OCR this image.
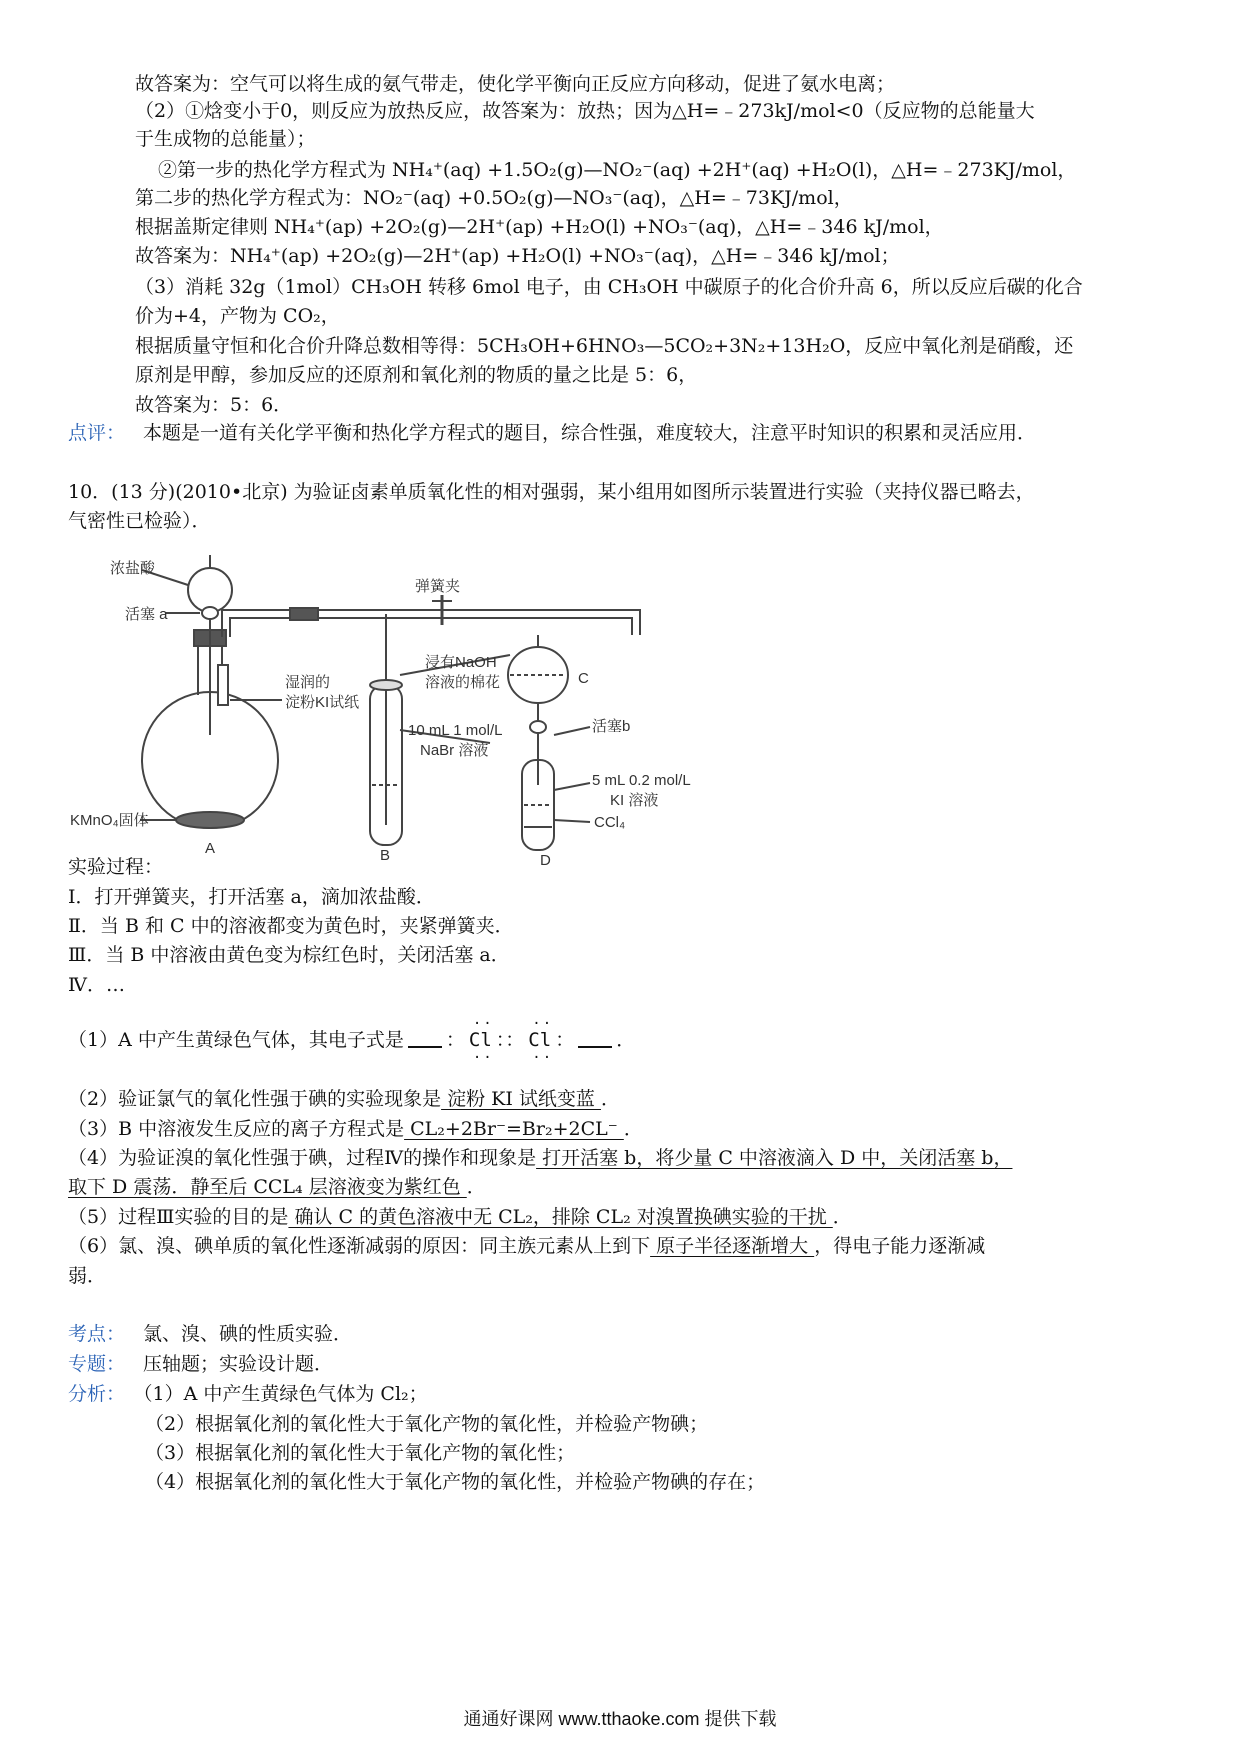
故答案为：空气可以将生成的氨气带走，使化学平衡向正反应方向移动，促进了氨水电离；
（2）①焓变小于0，则反应为放热反应，故答案为：放热；因为△H=﹣273kJ/mol<0（反应物的总能量大
于生成物的总能量）；
②第一步的热化学方程式为 NH₄⁺(aq) +1.5O₂(g)—NO₂⁻(aq) +2H⁺(aq) +H₂O(l)，△H=﹣273KJ/mol，
第二步的热化学方程式为：NO₂⁻(aq) +0.5O₂(g)—NO₃⁻(aq)，△H=﹣73KJ/mol，
根据盖斯定律则 NH₄⁺(ap) +2O₂(g)—2H⁺(ap) +H₂O(l) +NO₃⁻(aq)，△H=﹣346 kJ/mol，
故答案为：NH₄⁺(ap) +2O₂(g)—2H⁺(ap) +H₂O(l) +NO₃⁻(aq)，△H=﹣346 kJ/mol；
（3）消耗 32g（1mol）CH₃OH 转移 6mol 电子，由 CH₃OH 中碳原子的化合价升高 6，所以反应后碳的化合
价为+4，产物为 CO₂，
根据质量守恒和化合价升降总数相等得：5CH₃OH+6HNO₃—5CO₂+3N₂+13H₂O，反应中氧化剂是硝酸，还
原剂是甲醇，参加反应的还原剂和氧化剂的物质的量之比是 5：6，
故答案为：5：6．
点评： 本题是一道有关化学平衡和热化学方程式的题目，综合性强，难度较大，注意平时知识的积累和灵活应用．
10．(13 分)(2010•北京) 为验证卤素单质氧化性的相对强弱，某小组用如图所示装置进行实验（夹持仪器已略去，
气密性已检验）．
浓盐酸
活塞 a
弹簧夹
湿润的
淀粉KI试纸
浸有NaOH
溶液的棉花	C
活塞b
10 mL 1 mol/L
NaBr 溶液
5 mL 0.2 mol/L
KI 溶液
CCl₄
KMnO₄固体
A	B	D
实验过程：
Ⅰ．打开弹簧夹，打开活塞 a，滴加浓盐酸．
Ⅱ．当 B 和 C 中的溶液都变为黄色时，夹紧弹簧夹．
Ⅲ．当 B 中溶液由黄色变为棕红色时，关闭活塞 a．
Ⅳ．…
（1）A 中产生黄绿色气体，其电子式是 ：
··
Cl
··
：：
··
Cl
··
： ．
（2）验证氯气的氧化性强于碘的实验现象是 淀粉 KI 试纸变蓝 ．
（3）B 中溶液发生反应的离子方程式是 CL₂+2Br⁻=Br₂+2CL⁻ ．
（4）为验证溴的氧化性强于碘，过程Ⅳ的操作和现象是 打开活塞 b，将少量 C 中溶液滴入 D 中，关闭活塞 b，
取下 D 震荡．静至后 CCL₄ 层溶液变为紫红色 ．
（5）过程Ⅲ实验的目的是 确认 C 的黄色溶液中无 CL₂，排除 CL₂ 对溴置换碘实验的干扰 ．
（6）氯、溴、碘单质的氧化性逐渐减弱的原因：同主族元素从上到下 原子半径逐渐增大 ，得电子能力逐渐减
弱．
考点： 氯、溴、碘的性质实验．
专题： 压轴题；实验设计题．
分析： （1）A 中产生黄绿色气体为 Cl₂；
（2）根据氧化剂的氧化性大于氧化产物的氧化性，并检验产物碘；
（3）根据氧化剂的氧化性大于氧化产物的氧化性；
（4）根据氧化剂的氧化性大于氧化产物的氧化性，并检验产物碘的存在；
通通好课网 www.tthaoke.com 提供下载
